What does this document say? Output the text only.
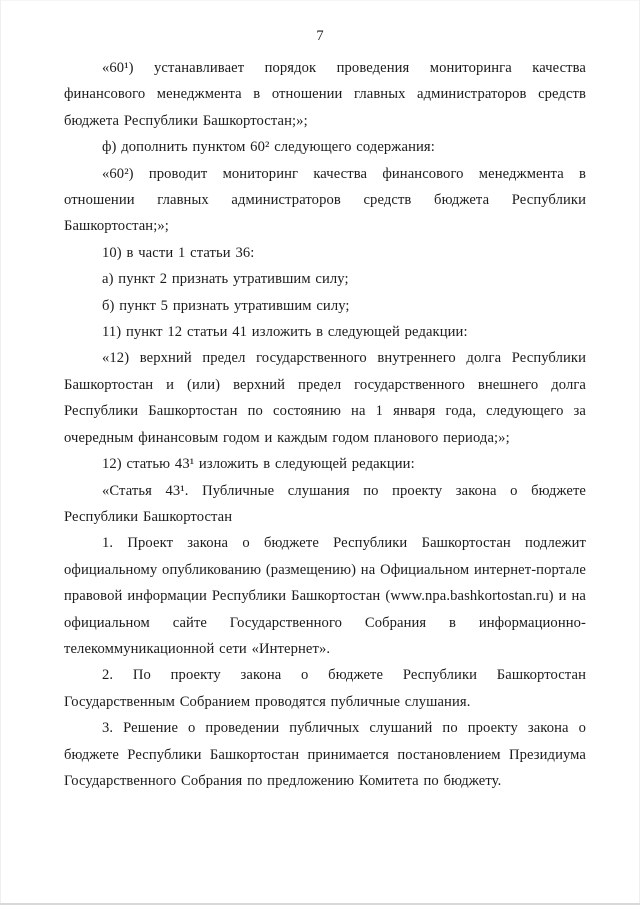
7

«60¹) устанавливает порядок проведения мониторинга качества финансового менеджмента в отношении главных администраторов средств бюджета Республики Башкортостан;»;

ф) дополнить пунктом 60² следующего содержания:

«60²) проводит мониторинг качества финансового менеджмента в отношении главных администраторов средств бюджета Республики Башкортостан;»;

10) в части 1 статьи 36:

а) пункт 2 признать утратившим силу;

б) пункт 5 признать утратившим силу;

11) пункт 12 статьи 41 изложить в следующей редакции:

«12) верхний предел государственного внутреннего долга Республики Башкортостан и (или) верхний предел государственного внешнего долга Республики Башкортостан по состоянию на 1 января года, следующего за очередным финансовым годом и каждым годом планового периода;»;

12) статью 43¹ изложить в следующей редакции:

«Статья 43¹. Публичные слушания по проекту закона о бюджете Республики Башкортостан

1. Проект закона о бюджете Республики Башкортостан подлежит официальному опубликованию (размещению) на Официальном интернет-портале правовой информации Республики Башкортостан (www.npa.bashkortostan.ru) и на официальном сайте Государственного Собрания в информационно-телекоммуникационной сети «Интернет».

2. По проекту закона о бюджете Республики Башкортостан Государственным Собранием проводятся публичные слушания.

3. Решение о проведении публичных слушаний по проекту закона о бюджете Республики Башкортостан принимается постановлением Президиума Государственного Собрания по предложению Комитета по бюджету.
